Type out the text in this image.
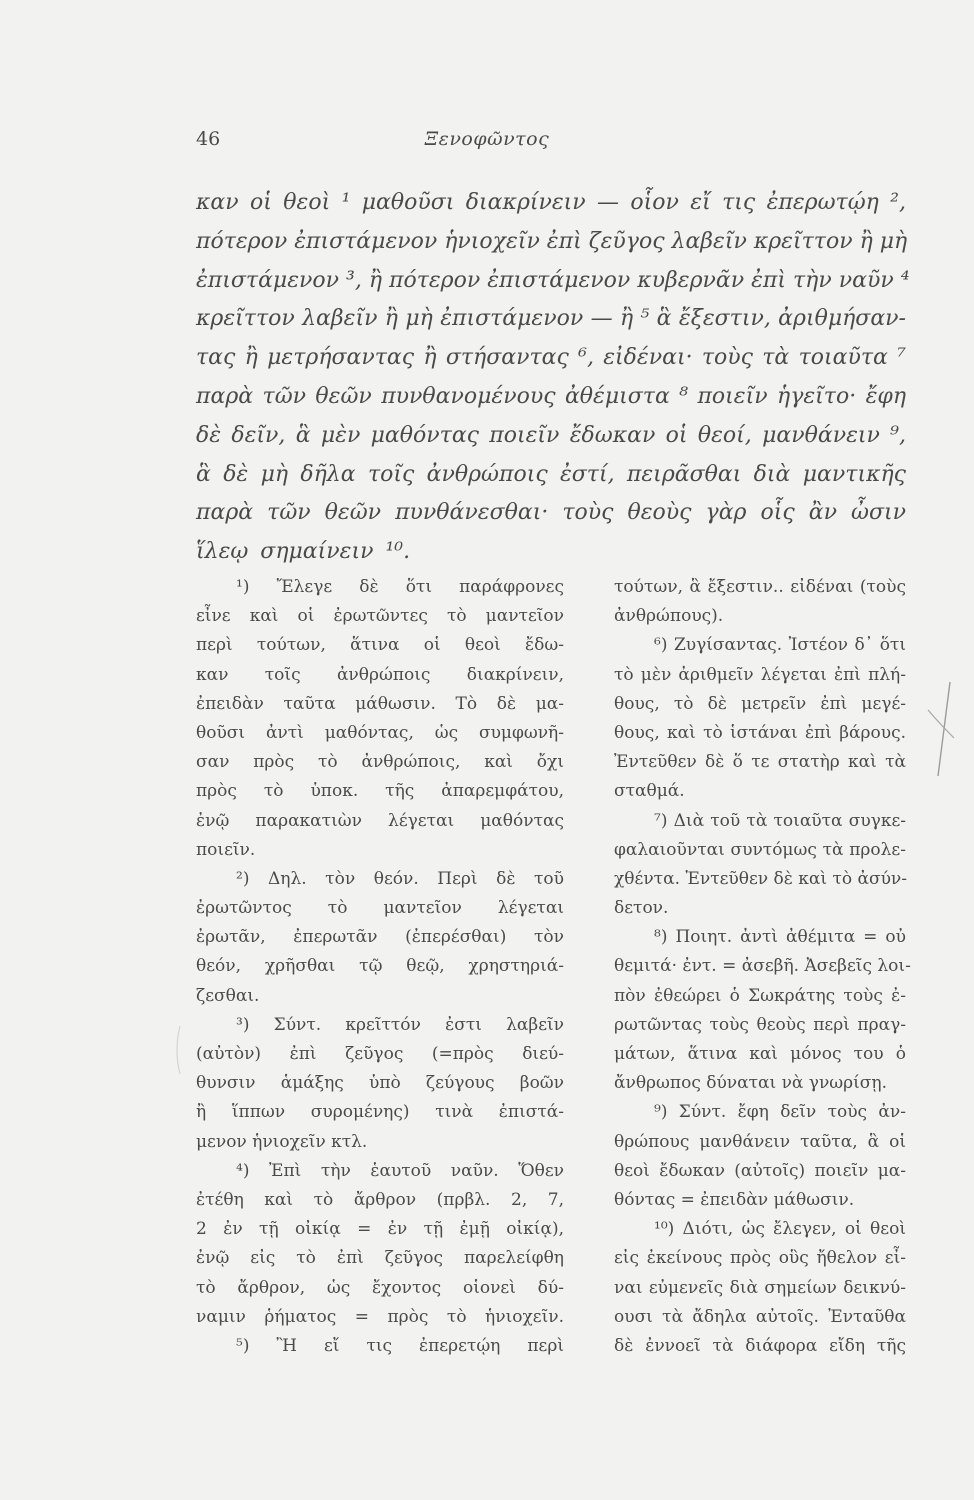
46	Ξενοφῶντος
καν οἱ θεοὶ ¹ μαθοῦσι διακρίνειν — οἷον εἴ τις ἐπερωτῴη ²,
πότερον ἐπιστάμενον ἡνιοχεῖν ἐπὶ ζεῦγος λαβεῖν κρεῖττον ἢ μὴ
ἐπιστάμενον ³, ἢ πότερον ἐπιστάμενον κυβερνᾶν ἐπὶ τὴν ναῦν ⁴
κρεῖττον λαβεῖν ἢ μὴ ἐπιστάμενον — ἢ ⁵ ἃ ἔξεστιν, ἀριθμήσαν-
τας ἢ μετρήσαντας ἢ στήσαντας ⁶, εἰδέναι· τοὺς τὰ τοιαῦτα ⁷
παρὰ τῶν θεῶν πυνθανομένους ἀθέμιστα ⁸ ποιεῖν ἡγεῖτο· ἔφη
δὲ δεῖν, ἃ μὲν μαθόντας ποιεῖν ἔδωκαν οἱ θεοί, μανθάνειν ⁹,
ἃ δὲ μὴ δῆλα τοῖς ἀνθρώποις ἐστί, πειρᾶσθαι διὰ μαντικῆς
παρὰ τῶν θεῶν πυνθάνεσθαι· τοὺς θεοὺς γὰρ οἷς ἂν ὦσιν
ἵλεῳ σημαίνειν ¹⁰.
¹) Ἔλεγε δὲ ὅτι παράφρονες
εἶνε καὶ οἱ ἐρωτῶντες τὸ μαντεῖον
περὶ τούτων, ἅτινα οἱ θεοὶ ἔδω-
καν τοῖς ἀνθρώποις διακρίνειν,
ἐπειδὰν ταῦτα μάθωσιν. Τὸ δὲ μα-
θοῦσι ἀντὶ μαθόντας, ὡς συμφωνῆ-
σαν πρὸς τὸ ἀνθρώποις, καὶ ὄχι
πρὸς τὸ ὑποκ. τῆς ἀπαρεμφάτου,
ἐνῷ παρακατιὼν λέγεται μαθόντας
ποιεῖν.
²) Δηλ. τὸν θεόν. Περὶ δὲ τοῦ
ἐρωτῶντος τὸ μαντεῖον λέγεται
ἐρωτᾶν, ἐπερωτᾶν (ἐπερέσθαι) τὸν
θεόν, χρῆσθαι τῷ θεῷ, χρηστηριά-
ζεσθαι.
³) Σύντ. κρεῖττόν ἐστι λαβεῖν
(αὐτὸν) ἐπὶ ζεῦγος (=πρὸς διεύ-
θυνσιν ἁμάξης ὑπὸ ζεύγους βοῶν
ἢ ἵππων συρομένης) τινὰ ἐπιστά-
μενον ἡνιοχεῖν κτλ.
⁴) Ἐπὶ τὴν ἑαυτοῦ ναῦν. Ὅθεν
ἐτέθη καὶ τὸ ἄρθρον (πρβλ. 2, 7,
2 ἐν τῇ οἰκίᾳ = ἐν τῇ ἐμῇ οἰκίᾳ),
ἐνῷ εἰς τὸ ἐπὶ ζεῦγος παρελείφθη
τὸ ἄρθρον, ὡς ἔχοντος οἱονεὶ δύ-
ναμιν ῥήματος = πρὸς τὸ ἡνιοχεῖν.
⁵) Ἢ εἴ τις ἐπερετῴη περὶ
τούτων, ἃ ἔξεστιν.. εἰδέναι (τοὺς
ἀνθρώπους).
⁶) Ζυγίσαντας. Ἰστέον δ᾿ ὅτι
τὸ μὲν ἀριθμεῖν λέγεται ἐπὶ πλή-
θους, τὸ δὲ μετρεῖν ἐπὶ μεγέ-
θους, καὶ τὸ ἱστάναι ἐπὶ βάρους.
Ἐντεῦθεν δὲ ὅ τε στατὴρ καὶ τὰ
σταθμά.
⁷) Διὰ τοῦ τὰ τοιαῦτα συγκε-
φαλαιοῦνται συντόμως τὰ προλε-
χθέντα. Ἐντεῦθεν δὲ καὶ τὸ ἀσύν-
δετον.
⁸) Ποιητ. ἀντὶ ἀθέμιτα = οὐ
θεμιτά· ἐντ. = ἀσεβῆ. Ἀσεβεῖς λοι-
πὸν ἐθεώρει ὁ Σωκράτης τοὺς ἐ-
ρωτῶντας τοὺς θεοὺς περὶ πραγ-
μάτων, ἅτινα καὶ μόνος του ὁ
ἄνθρωπος δύναται νὰ γνωρίσῃ.
⁹) Σύντ. ἔφη δεῖν τοὺς ἀν-
θρώπους μανθάνειν ταῦτα, ἃ οἱ
θεοὶ ἔδωκαν (αὐτοῖς) ποιεῖν μα-
θόντας = ἐπειδὰν μάθωσιν.
¹⁰) Διότι, ὡς ἔλεγεν, οἱ θεοὶ
εἰς ἐκείνους πρὸς οὓς ἤθελον εἶ-
ναι εὐμενεῖς διὰ σημείων δεικνύ-
ουσι τὰ ἄδηλα αὐτοῖς. Ἐνταῦθα
δὲ ἐννοεῖ τὰ διάφορα εἴδη τῆς
